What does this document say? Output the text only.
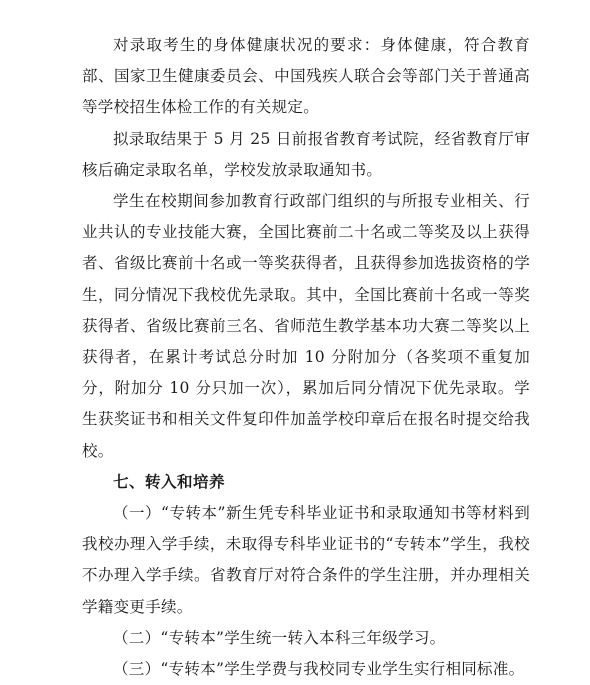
对录取考生的身体健康状况的要求：身体健康，符合教育部、国家卫生健康委员会、中国残疾人联合会等部门关于普通高等学校招生体检工作的有关规定。

拟录取结果于 5 月 25 日前报省教育考试院，经省教育厅审核后确定录取名单，学校发放录取通知书。

学生在校期间参加教育行政部门组织的与所报专业相关、行业共认的专业技能大赛，全国比赛前二十名或二等奖及以上获得者、省级比赛前十名或一等奖获得者，且获得参加选拔资格的学生，同分情况下我校优先录取。其中，全国比赛前十名或一等奖获得者、省级比赛前三名、省师范生教学基本功大赛二等奖以上获得者，在累计考试总分时加 10 分附加分（各奖项不重复加分，附加分 10 分只加一次），累加后同分情况下优先录取。学生获奖证书和相关文件复印件加盖学校印章后在报名时提交给我校。

七、转入和培养

（一）“专转本”新生凭专科毕业证书和录取通知书等材料到我校办理入学手续，未取得专科毕业证书的“专转本”学生，我校不办理入学手续。省教育厅对符合条件的学生注册，并办理相关学籍变更手续。

（二）“专转本”学生统一转入本科三年级学习。

（三）“专转本”学生学费与我校同专业学生实行相同标准。
